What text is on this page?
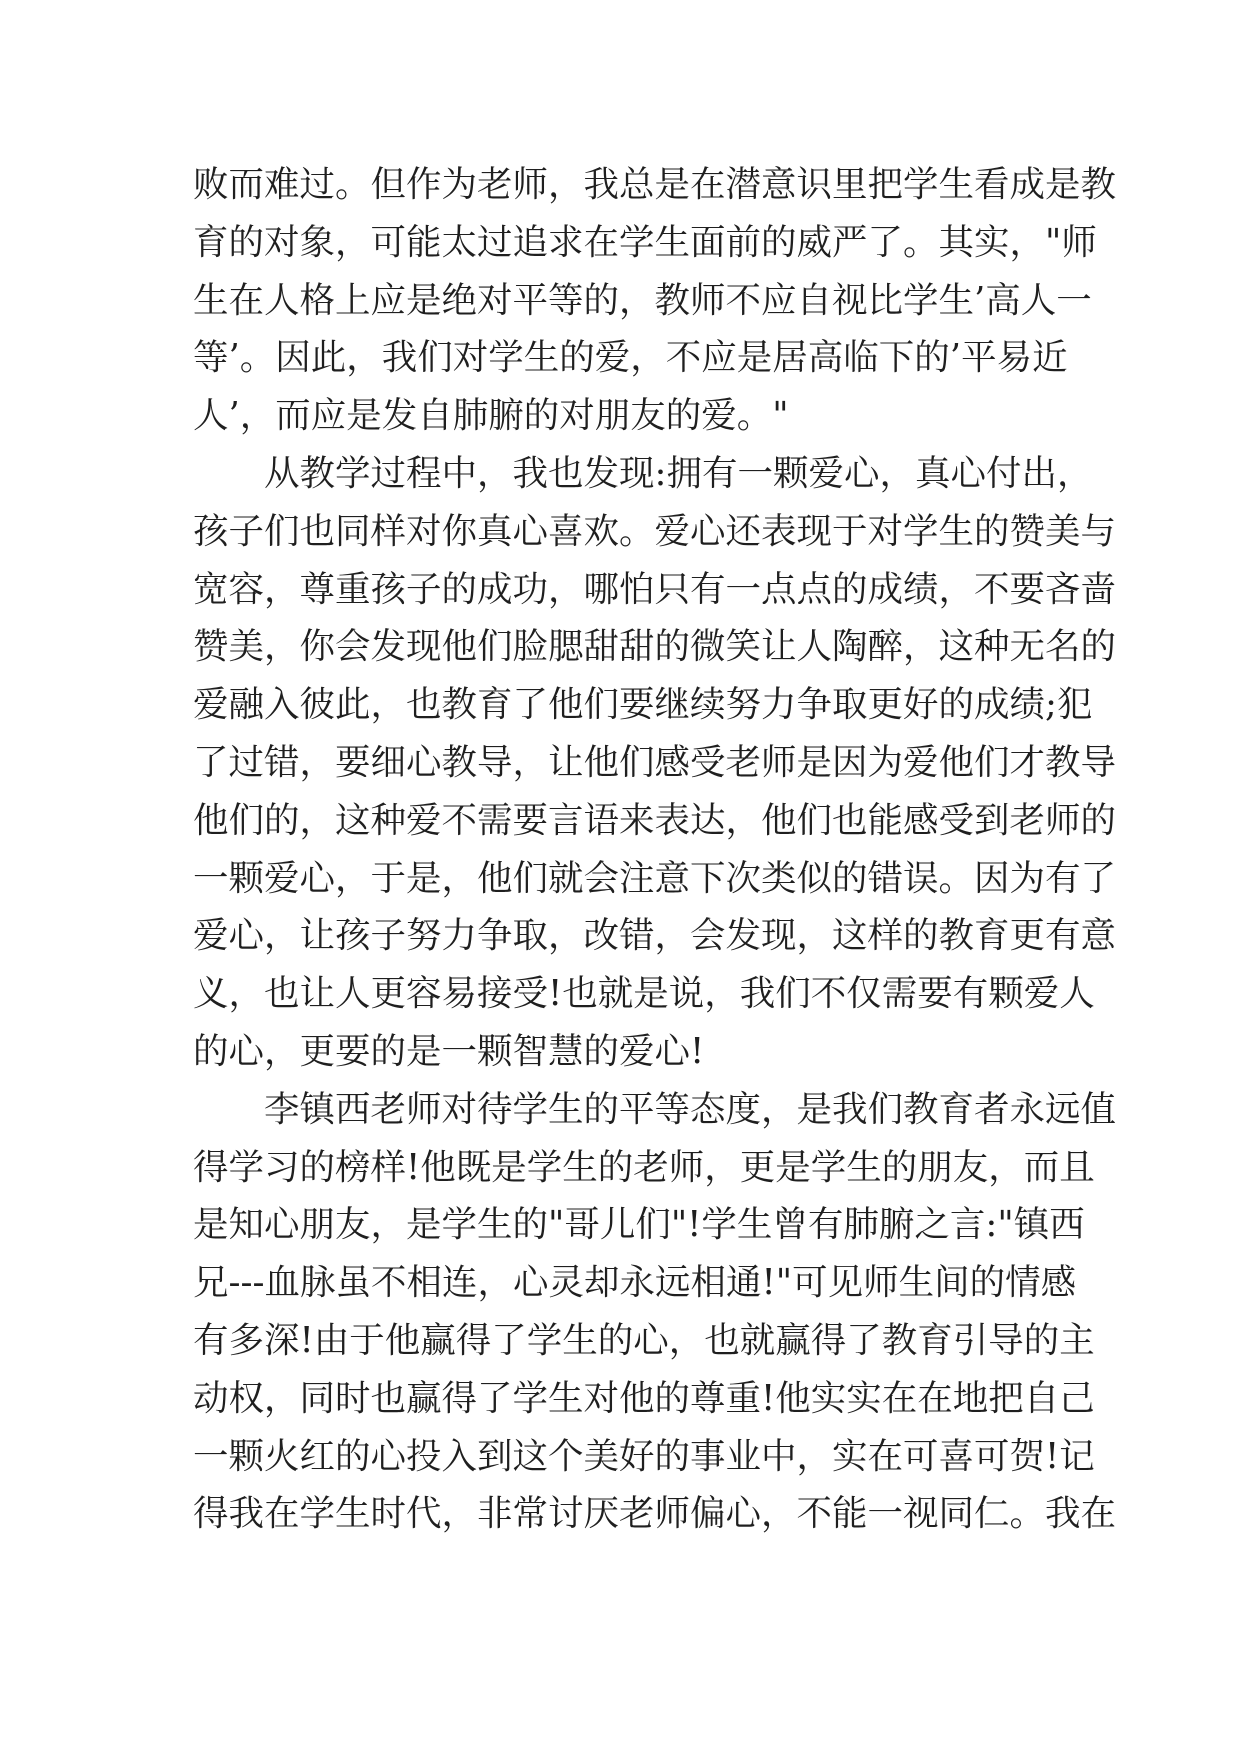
败而难过。但作为老师，我总是在潜意识里把学生看成是教
育的对象，可能太过追求在学生面前的威严了。其实，"师
生在人格上应是绝对平等的，教师不应自视比学生’高人一
等’。因此，我们对学生的爱，不应是居高临下的’平易近
人’，而应是发自肺腑的对朋友的爱。"
从教学过程中，我也发现:拥有一颗爱心，真心付出，
孩子们也同样对你真心喜欢。爱心还表现于对学生的赞美与
宽容，尊重孩子的成功，哪怕只有一点点的成绩，不要吝啬
赞美，你会发现他们脸腮甜甜的微笑让人陶醉，这种无名的
爱融入彼此，也教育了他们要继续努力争取更好的成绩;犯
了过错，要细心教导，让他们感受老师是因为爱他们才教导
他们的，这种爱不需要言语来表达，他们也能感受到老师的
一颗爱心，于是，他们就会注意下次类似的错误。因为有了
爱心，让孩子努力争取，改错，会发现，这样的教育更有意
义，也让人更容易接受!也就是说，我们不仅需要有颗爱人
的心，更要的是一颗智慧的爱心!
李镇西老师对待学生的平等态度，是我们教育者永远值
得学习的榜样!他既是学生的老师，更是学生的朋友，而且
是知心朋友，是学生的"哥儿们"!学生曾有肺腑之言:"镇西
兄---血脉虽不相连，心灵却永远相通!"可见师生间的情感
有多深!由于他赢得了学生的心，也就赢得了教育引导的主
动权，同时也赢得了学生对他的尊重!他实实在在地把自己
一颗火红的心投入到这个美好的事业中，实在可喜可贺!记
得我在学生时代，非常讨厌老师偏心，不能一视同仁。我在
